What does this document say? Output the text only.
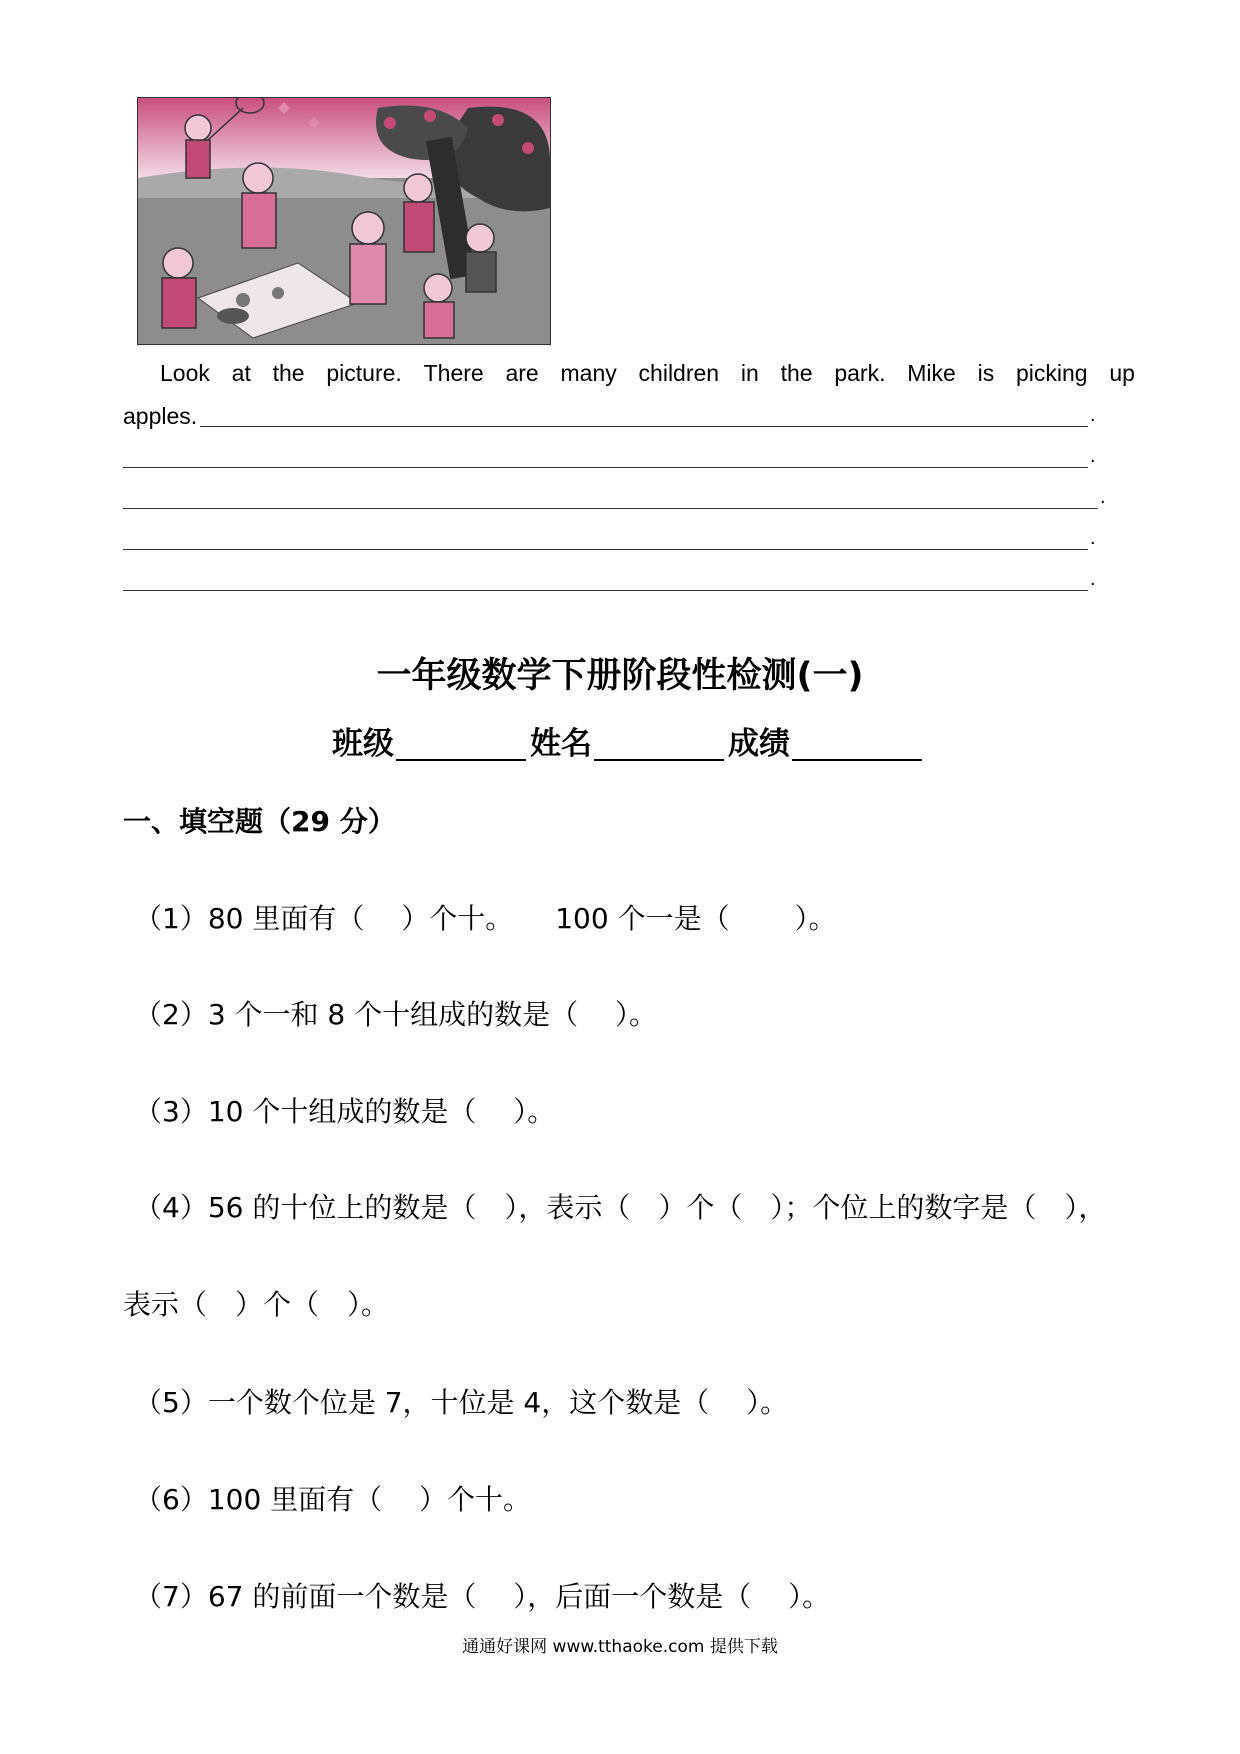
Look at the picture. There are many children in the park. Mike is picking up
apples.	.
.
.
.
.
一年级数学下册阶段性检测(一)
班级	姓名	成绩
一、填空题（29 分）
（1）80 里面有（　 ）个十。　　100 个一是（　　 ）。
（2）3 个一和 8 个十组成的数是（　 ）。
（3）10 个十组成的数是（　 ）。
（4）56 的十位上的数是（　），表示（　）个（　）；个位上的数字是（　），
表示（　）个（　）。
（5）一个数个位是 7，十位是 4，这个数是（　 ）。
（6）100 里面有（　 ）个十。
（7）67 的前面一个数是（　 ），后面一个数是（　 ）。
通通好课网 www.tthaoke.com 提供下载
